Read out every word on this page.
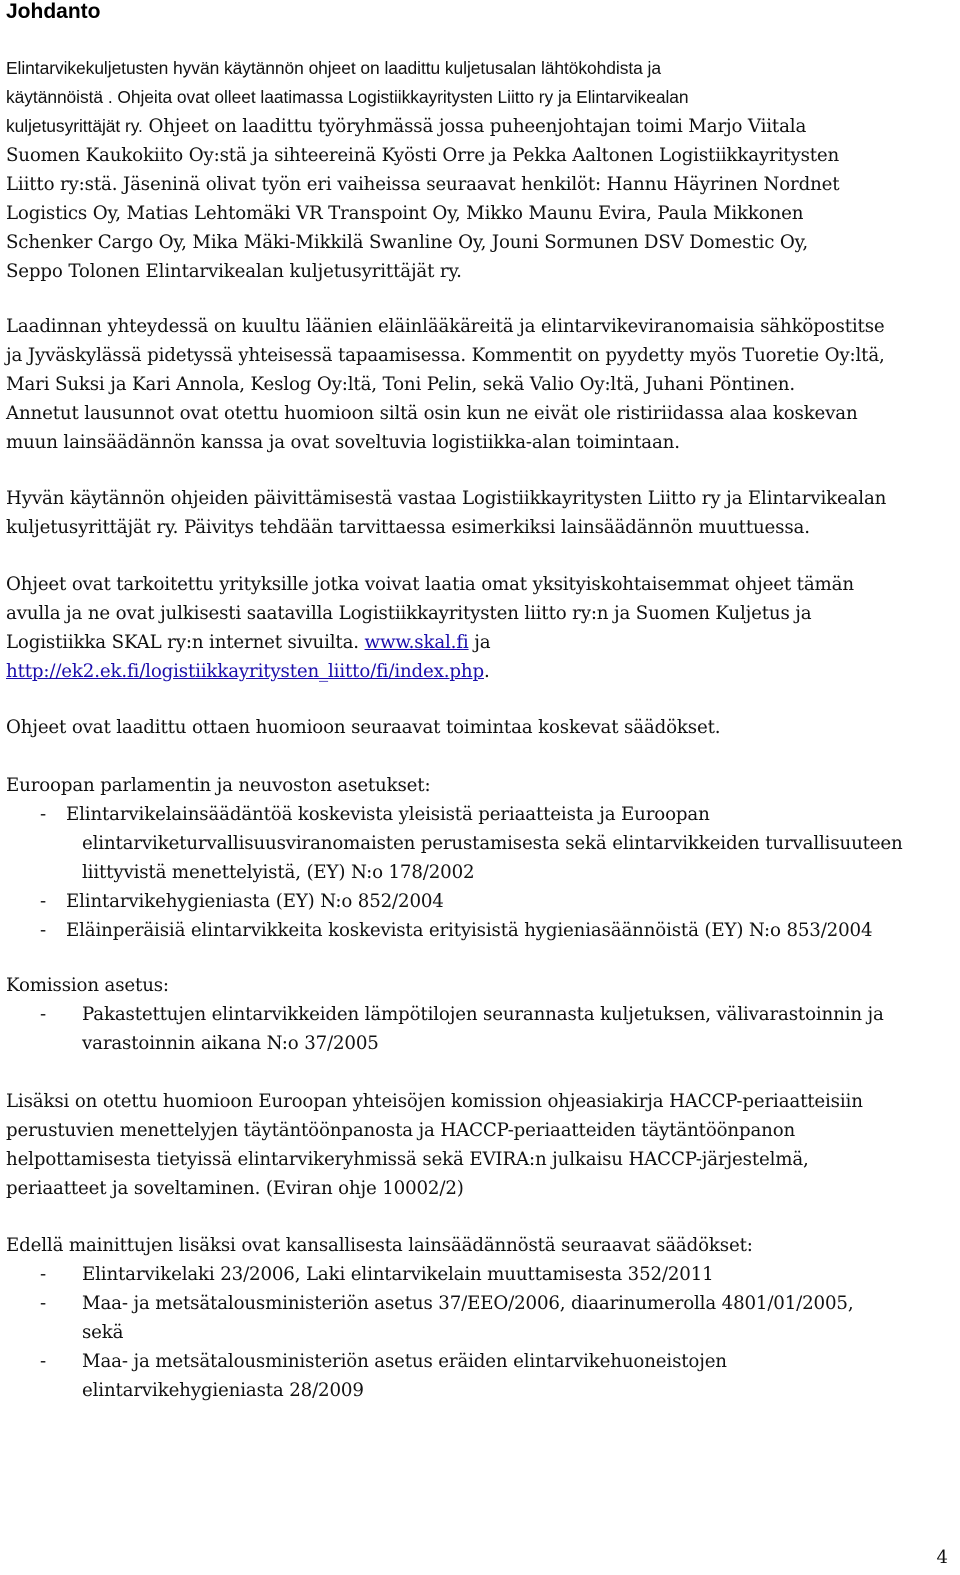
Johdanto
Elintarvikekuljetusten hyvän käytännön ohjeet on laadittu kuljetusalan lähtökohdista ja
käytännöistä . Ohjeita ovat olleet laatimassa Logistiikkayritysten Liitto ry ja Elintarvikealan
kuljetusyrittäjät ry. Ohjeet on laadittu työryhmässä jossa puheenjohtajan toimi Marjo Viitala
Suomen Kaukokiito Oy:stä ja sihteereinä Kyösti Orre ja Pekka Aaltonen Logistiikkayritysten
Liitto ry:stä. Jäseninä olivat työn eri vaiheissa seuraavat henkilöt: Hannu Häyrinen Nordnet
Logistics Oy, Matias Lehtomäki VR Transpoint Oy, Mikko Maunu Evira, Paula Mikkonen
Schenker Cargo Oy, Mika Mäki-Mikkilä Swanline Oy, Jouni Sormunen DSV Domestic Oy,
Seppo Tolonen Elintarvikealan kuljetusyrittäjät ry.
Laadinnan yhteydessä on kuultu läänien eläinlääkäreitä ja elintarvikeviranomaisia sähköpostitse
ja Jyväskylässä pidetyssä yhteisessä tapaamisessa. Kommentit on pyydetty myös Tuoretie Oy:ltä,
Mari Suksi ja Kari Annola, Keslog Oy:ltä, Toni Pelin, sekä Valio Oy:ltä, Juhani Pöntinen.
Annetut lausunnot ovat otettu huomioon siltä osin kun ne eivät ole ristiriidassa alaa koskevan
muun lainsäädännön kanssa ja ovat soveltuvia logistiikka-alan toimintaan.
Hyvän käytännön ohjeiden päivittämisestä vastaa Logistiikkayritysten Liitto ry ja Elintarvikealan
kuljetusyrittäjät ry. Päivitys tehdään tarvittaessa esimerkiksi lainsäädännön muuttuessa.
Ohjeet ovat tarkoitettu yrityksille jotka voivat laatia omat yksityiskohtaisemmat ohjeet tämän
avulla ja ne ovat julkisesti saatavilla Logistiikkayritysten liitto ry:n ja Suomen Kuljetus ja
Logistiikka SKAL ry:n internet sivuilta. www.skal.fi ja
http://ek2.ek.fi/logistiikkayritysten_liitto/fi/index.php.
Ohjeet ovat laadittu ottaen huomioon seuraavat toimintaa koskevat säädökset.
Euroopan parlamentin ja neuvoston asetukset:
- Elintarvikelainsäädäntöä koskevista yleisistä periaatteista ja Euroopan
elintarviketurvallisuusviranomaisten perustamisesta sekä elintarvikkeiden turvallisuuteen
liittyvistä menettelyistä, (EY) N:o 178/2002
- Elintarvikehygieniasta (EY) N:o 852/2004
- Eläinperäisiä elintarvikkeita koskevista erityisistä hygieniasäännöistä (EY) N:o 853/2004
Komission asetus:
- Pakastettujen elintarvikkeiden lämpötilojen seurannasta kuljetuksen, välivarastoinnin ja
varastoinnin aikana N:o 37/2005
Lisäksi on otettu huomioon Euroopan yhteisöjen komission ohjeasiakirja HACCP-periaatteisiin
perustuvien menettelyjen täytäntöönpanosta ja HACCP-periaatteiden täytäntöönpanon
helpottamisesta tietyissä elintarvikeryhmissä sekä EVIRA:n julkaisu HACCP-järjestelmä,
periaatteet ja soveltaminen. (Eviran ohje 10002/2)
Edellä mainittujen lisäksi ovat kansallisesta lainsäädännöstä seuraavat säädökset:
- Elintarvikelaki 23/2006, Laki elintarvikelain muuttamisesta 352/2011
- Maa- ja metsätalousministeriön asetus 37/EEO/2006, diaarinumerolla 4801/01/2005,
sekä
- Maa- ja metsätalousministeriön asetus eräiden elintarvikehuoneistojen
elintarvikehygieniasta 28/2009
4
